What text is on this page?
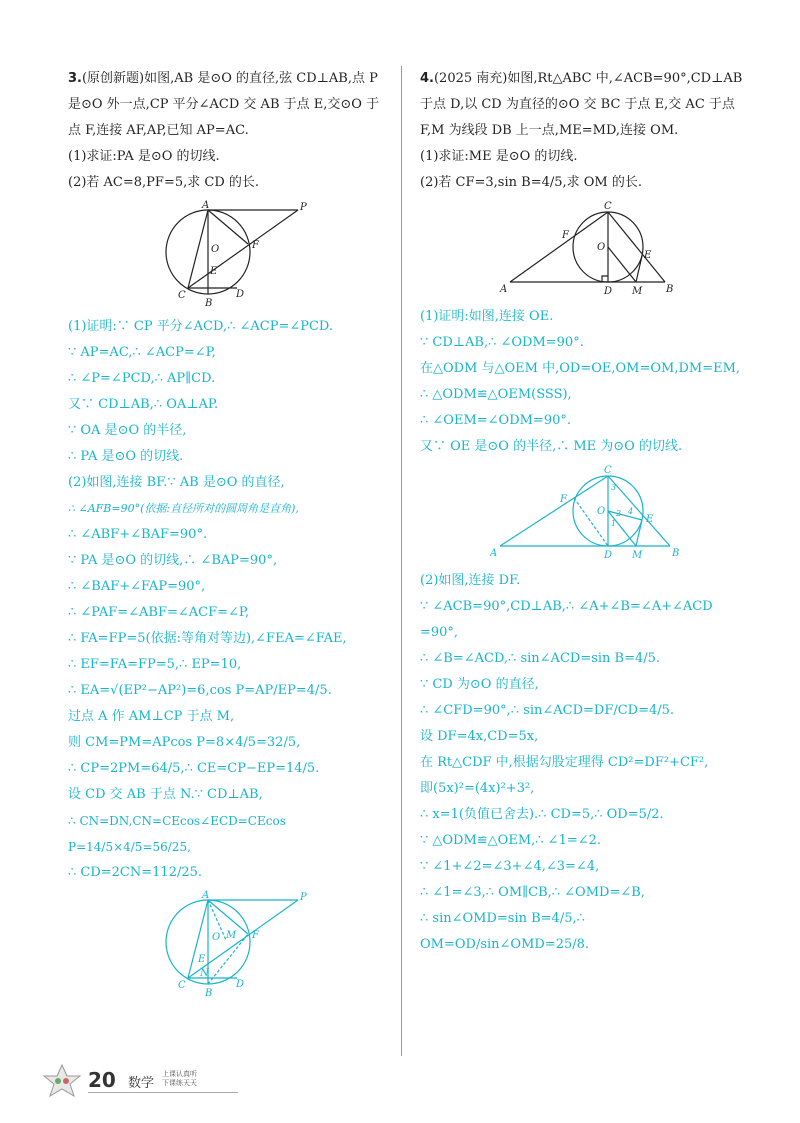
3.(原创新题)如图,AB 是⊙O 的直径,弦 CD⊥AB,点 P

是⊙O 外一点,CP 平分∠ACD 交 AB 于点 E,交⊙O 于

点 F,连接 AF,AP,已知 AP=AC.

(1)求证:PA 是⊙O 的切线.

(2)若 AC=8,PF=5,求 CD 的长.

A	P
O	F
E
C
B
D

(1)证明:∵ CP 平分∠ACD,∴ ∠ACP=∠PCD.

∵ AP=AC,∴ ∠ACP=∠P,

∴ ∠P=∠PCD,∴ AP∥CD.

又∵ CD⊥AB,∴ OA⊥AP.

∵ OA 是⊙O 的半径,

∴ PA 是⊙O 的切线.

(2)如图,连接 BF.∵ AB 是⊙O 的直径,

∴ ∠AFB=90°(依据:直径所对的圆周角是直角),

∴ ∠ABF+∠BAF=90°.

∵ PA 是⊙O 的切线,∴ ∠BAP=90°,

∴ ∠BAF+∠FAP=90°,

∴ ∠PAF=∠ABF=∠ACF=∠P,

∴ FA=FP=5(依据:等角对等边),∠FEA=∠FAE,

∴ EF=FA=FP=5,∴ EP=10,

∴ EA=√(EP²−AP²)=6,cos P=AP/EP=4/5.

过点 A 作 AM⊥CP 于点 M,

则 CM=PM=APcos P=8×4/5=32/5,

∴ CP=2PM=64/5,∴ CE=CP−EP=14/5.

设 CD 交 AB 于点 N.∵ CD⊥AB,

∴ CN=DN,CN=CEcos∠ECD=CEcos P=14/5×4/5=56/25,

∴ CD=2CN=112/25.

A	P
O M F
E
N
C
B
D

4.(2025 南充)如图,Rt△ABC 中,∠ACB=90°,CD⊥AB

于点 D,以 CD 为直径的⊙O 交 BC 于点 E,交 AC 于点

F,M 为线段 DB 上一点,ME=MD,连接 OM.

(1)求证:ME 是⊙O 的切线.

(2)若 CF=3,sin B=4/5,求 OM 的长.

C
F
O
E
A	D M B

(1)证明:如图,连接 OE.

∵ CD⊥AB,∴ ∠ODM=90°.

在△ODM 与△OEM 中,OD=OE,OM=OM,DM=EM,

∴ △ODM≌△OEM(SSS),

∴ ∠OEM=∠ODM=90°.

又∵ OE 是⊙O 的半径,∴ ME 为⊙O 的切线.

C
F
O
E
A	D M	B
1
2
3
4

(2)如图,连接 DF.

∵ ∠ACB=90°,CD⊥AB,∴ ∠A+∠B=∠A+∠ACD

=90°,

∴ ∠B=∠ACD,∴ sin∠ACD=sin B=4/5.

∵ CD 为⊙O 的直径,

∴ ∠CFD=90°,∴ sin∠ACD=DF/CD=4/5.

设 DF=4x,CD=5x,

在 Rt△CDF 中,根据勾股定理得 CD²=DF²+CF²,

即(5x)²=(4x)²+3²,

∴ x=1(负值已舍去).∴ CD=5,∴ OD=5/2.

∵ △ODM≌△OEM,∴ ∠1=∠2.

∵ ∠1+∠2=∠3+∠4,∠3=∠4,

∴ ∠1=∠3,∴ OM∥CB,∴ ∠OMD=∠B,

∴ sin∠OMD=sin B=4/5,∴ OM=OD/sin∠OMD=25/8.

20 数学
上课认真听
下课练天天
